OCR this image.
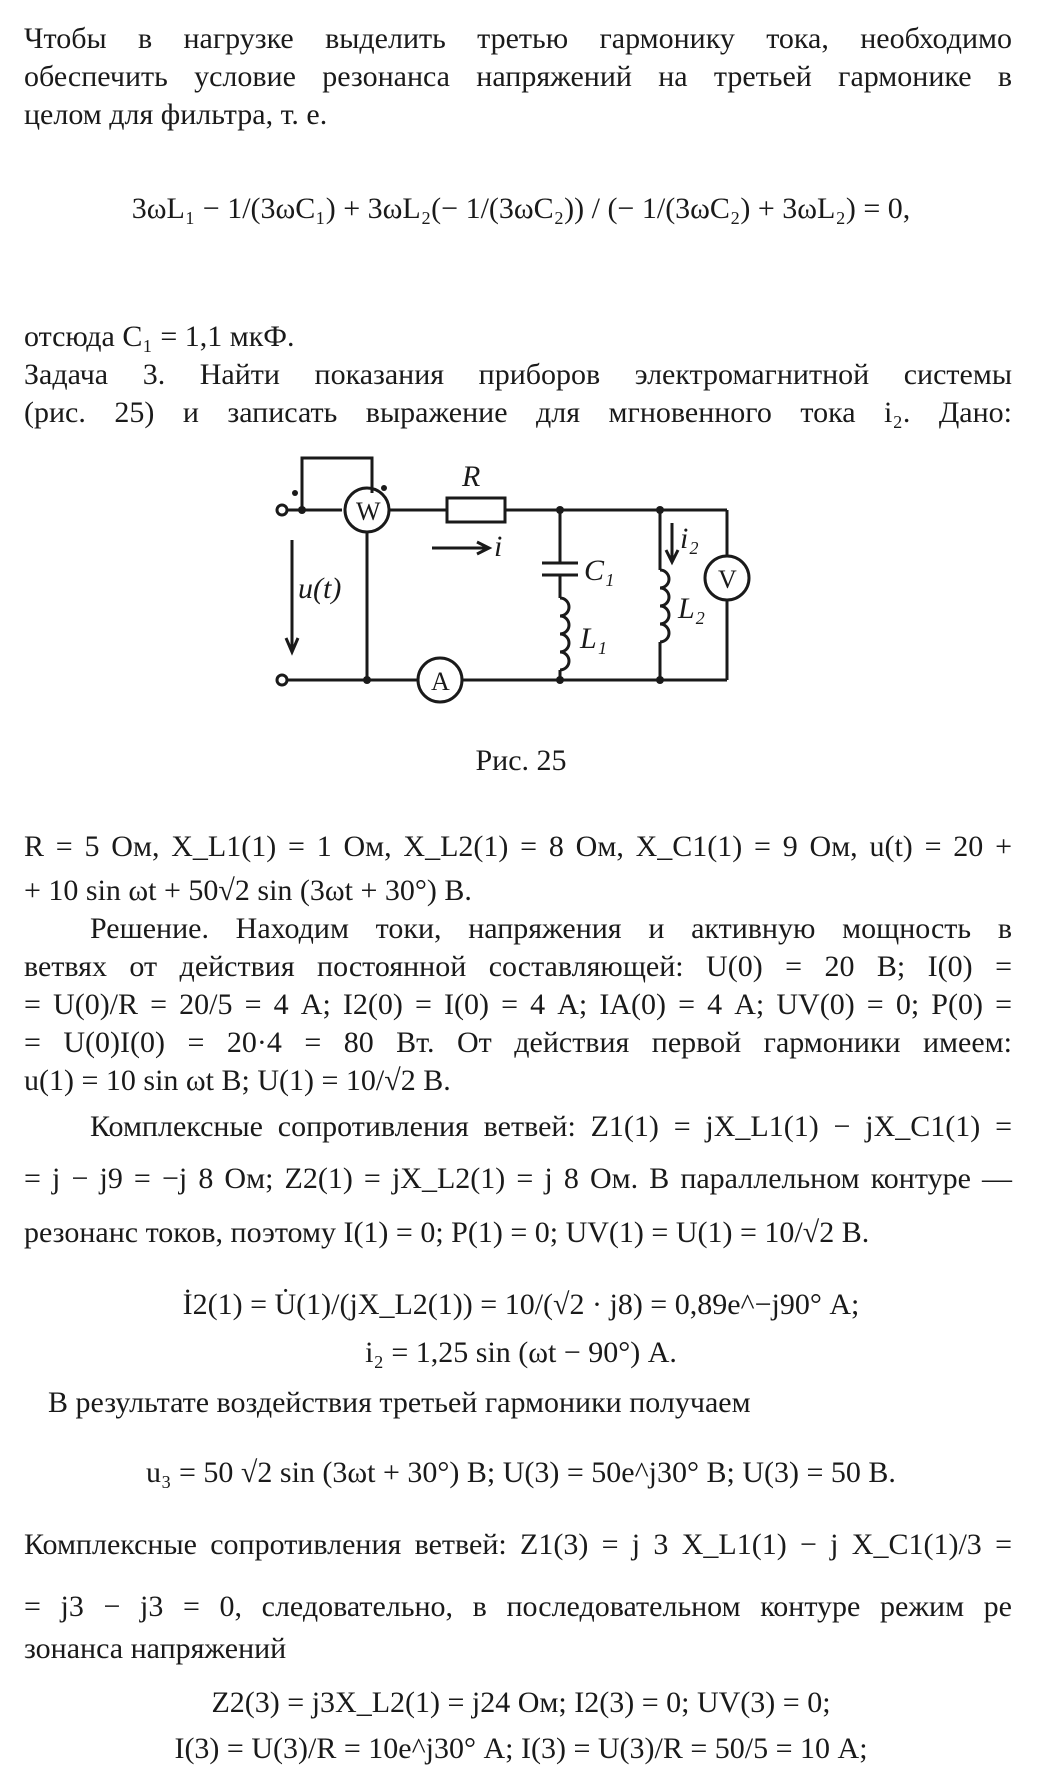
Чтобы в нагрузке выделить третью гармонику тока, необходимо
обеспечить условие резонанса напряжений на третьей гармонике в
целом для фильтра, т. е.
3ωL₁ − 1/(3ωC₁) + 3ωL₂(− 1/(3ωC₂)) / (− 1/(3ωC₂) + 3ωL₂) = 0,
отсюда C₁ = 1,1 мкФ.
Задача 3. Найти показания приборов электромагнитной системы
(рис. 25) и записать выражение для мгновенного тока i₂. Дано:
u(t)
W
R
i
C₁
L₁
i₂
L₂
V
A
Рис. 25
R = 5 Ом, X_L1(1) = 1 Ом, X_L2(1) = 8 Ом, X_C1(1) = 9 Ом, u(t) = 20 +
+ 10 sin ωt + 50√2 sin (3ωt + 30°) В.
Решение. Находим токи, напряжения и активную мощность в
ветвях от действия постоянной составляющей: U(0) = 20 В; I(0) =
= U(0)/R = 20/5 = 4 А; I2(0) = I(0) = 4 А; IA(0) = 4 А; UV(0) = 0; P(0) =
= U(0)I(0) = 20·4 = 80 Вт. От действия первой гармоники имеем:
u(1) = 10 sin ωt В; U(1) = 10/√2 В.
Комплексные сопротивления ветвей: Z1(1) = jX_L1(1) − jX_C1(1) =
= j − j9 = −j 8 Ом; Z2(1) = jX_L2(1) = j 8 Ом. В параллельном контуре —
резонанс токов, поэтому I(1) = 0; P(1) = 0; UV(1) = U(1) = 10/√2 В.
İ2(1) = U̇(1)/(jX_L2(1)) = 10/(√2 · j8) = 0,89e^−j90° А;
i₂ = 1,25 sin (ωt − 90°) А.
В результате воздействия третьей гармоники получаем
u₃ = 50 √2 sin (3ωt + 30°) В; U(3) = 50e^j30° В; U(3) = 50 В.
Комплексные сопротивления ветвей: Z1(3) = j 3 X_L1(1) − j X_C1(1)/3 =
= j3 − j3 = 0, следовательно, в последовательном контуре режим ре
зонанса напряжений
Z2(3) = j3X_L2(1) = j24 Ом; I2(3) = 0; UV(3) = 0;
I(3) = U(3)/R = 10e^j30° А; I(3) = U(3)/R = 50/5 = 10 А;
